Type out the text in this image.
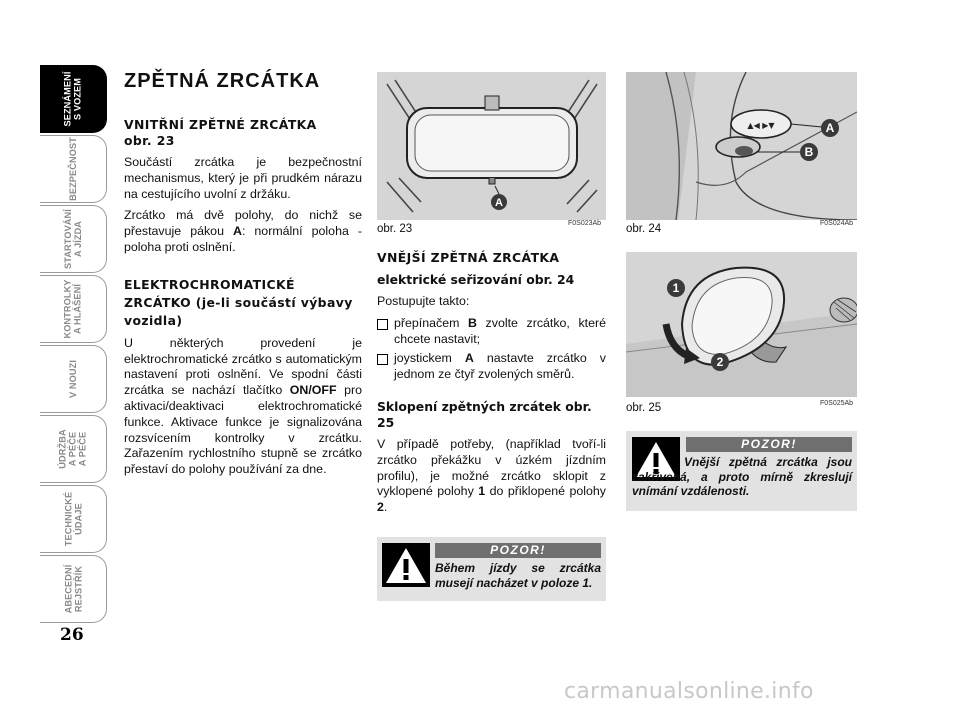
SEZNÁMENÍ
S VOZEM
BEZPEČNOST
STARTOVÁNÍ
A JÍZDA
KONTROLKY
A HLÁŠENÍ
V NOUZI
ÚDRŽBA
A PÉČE
A PÉČE
TECHNICKÉ
ÚDAJE
ABECEDNÍ
REJSTŘÍK
26
ZPĚTNÁ ZRCÁTKA
VNITŘNÍ ZPĚTNÉ ZRCÁTKA
obr. 23

Součástí zrcátka je bezpečnostní mechanismus, který je při prudkém nárazu na cestujícího uvolní z držáku.

Zrcátko má dvě polohy, do nichž se přestavuje pákou A: normální poloha - poloha proti oslnění.

ELEKTROCHROMATICKÉ ZRCÁTKO (je-li součástí výbavy vozidla)

U některých provedení je elektrochromatické zrcátko s automatickým nastavení proti oslnění. Ve spodní části zrcátka se nachází tlačítko ON/OFF pro aktivaci/deaktivaci elektrochromatické funkce. Aktivace funkce je signalizována rozsvícením kontrolky v zrcátku. Zařazením rychlostního stupně se zrcátko přestaví do polohy používání za dne.

A
obr. 23	F0S023Ab
VNĚJŠÍ ZPĚTNÁ ZRCÁTKA
elektrické seřizování obr. 24

Postupujte takto:

přepínačem B zvolte zrcátko, které chcete nastavit;

joystickem A nastavte zrcátko v jednom ze čtyř zvolených směrů.

Sklopení zpětných zrcátek obr. 25

V případě potřeby, (například tvoří-li zrcátko překážku v úzkém jízdním profilu), je možné zrcátko sklopit z vyklopené polohy 1 do přiklopené polohy 2.

POZOR!
Během jízdy se zrcátka musejí nacházet v poloze 1.
▲◀ ▶▼	A
B
obr. 24	F0S024Ab
1
2
obr. 25	F0S025Ab
POZOR!
Vnější zpětná zrcátka jsou zakřivená, a proto mírně zkreslují vnímání vzdálenosti.
carmanualsonline.info
